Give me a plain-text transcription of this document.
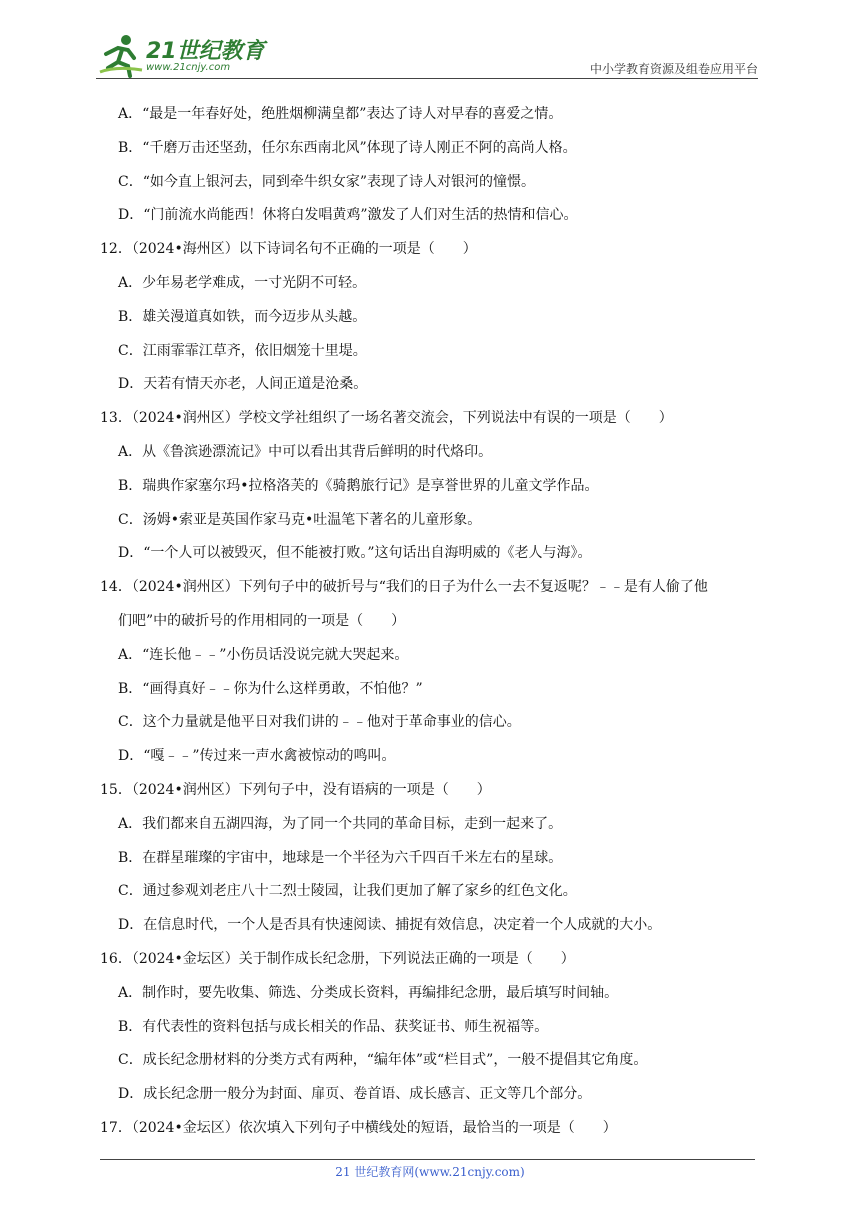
21世纪教育
www.21cnjy.com	中小学教育资源及组卷应用平台
A．“最是一年春好处，绝胜烟柳满皇都”表达了诗人对早春的喜爱之情。
B．“千磨万击还坚劲，任尔东西南北风”体现了诗人刚正不阿的高尚人格。
C．“如今直上银河去，同到牵牛织女家”表现了诗人对银河的憧憬。
D．“门前流水尚能西！休将白发唱黄鸡”激发了人们对生活的热情和信心。
12．（2024•海州区）以下诗词名句不正确的一项是（　　）
A．少年易老学难成，一寸光阴不可轻。
B．雄关漫道真如铁，而今迈步从头越。
C．江雨霏霏江草齐，依旧烟笼十里堤。
D．天若有情天亦老，人间正道是沧桑。
13．（2024•润州区）学校文学社组织了一场名著交流会，下列说法中有误的一项是（　　）
A．从《鲁滨逊漂流记》中可以看出其背后鲜明的时代烙印。
B．瑞典作家塞尔玛•拉格洛芙的《骑鹅旅行记》是享誉世界的儿童文学作品。
C．汤姆•索亚是英国作家马克•吐温笔下著名的儿童形象。
D．“一个人可以被毁灭，但不能被打败。”这句话出自海明威的《老人与海》。
14．（2024•润州区）下列句子中的破折号与“我们的日子为什么一去不复返呢？﹣﹣是有人偷了他
们吧”中的破折号的作用相同的一项是（　　）
A．“连长他﹣﹣”小伤员话没说完就大哭起来。
B．“画得真好﹣﹣你为什么这样勇敢，不怕他？”
C．这个力量就是他平日对我们讲的﹣﹣他对于革命事业的信心。
D．“嘎﹣﹣”传过来一声水禽被惊动的鸣叫。
15．（2024•润州区）下列句子中，没有语病的一项是（　　）
A．我们都来自五湖四海，为了同一个共同的革命目标，走到一起来了。
B．在群星璀璨的宇宙中，地球是一个半径为六千四百千米左右的星球。
C．通过参观刘老庄八十二烈士陵园，让我们更加了解了家乡的红色文化。
D．在信息时代，一个人是否具有快速阅读、捕捉有效信息，决定着一个人成就的大小。
16．（2024•金坛区）关于制作成长纪念册，下列说法正确的一项是（　　）
A．制作时，要先收集、筛选、分类成长资料，再编排纪念册，最后填写时间轴。
B．有代表性的资料包括与成长相关的作品、获奖证书、师生祝福等。
C．成长纪念册材料的分类方式有两种，“编年体”或“栏目式”，一般不提倡其它角度。
D．成长纪念册一般分为封面、扉页、卷首语、成长感言、正文等几个部分。
17．（2024•金坛区）依次填入下列句子中横线处的短语，最恰当的一项是（　　）
21 世纪教育网(www.21cnjy.com)
